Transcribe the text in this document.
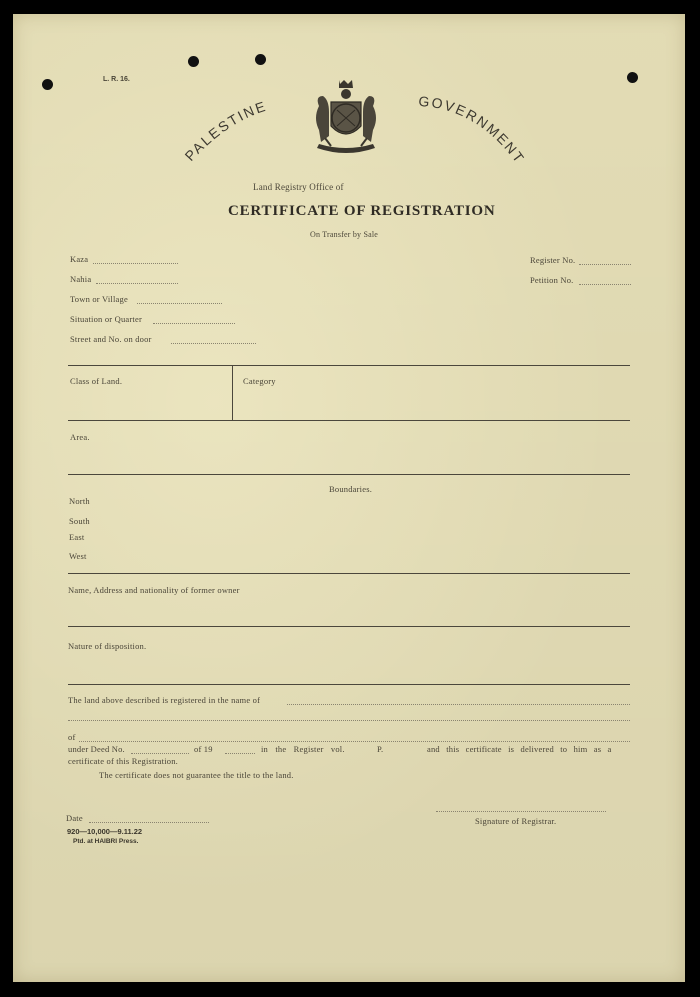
L. R. 16.
PALESTINE	GOVERNMENT
Land Registry Office of
CERTIFICATE OF REGISTRATION
On Transfer by Sale
Kaza
Nahia
Town or Village
Situation or Quarter
Street and No. on door
Register No.
Petition No.
Class of Land.	Category
Area.
Boundaries.
North
South
East
West
Name, Address and nationality of former owner
Nature of disposition.
The land above described is registered in the name of
of
under Deed No.	of 19	in the Register vol.	P.	and this certificate is delivered to him as a
certificate of this Registration.
The certificate does not guarantee the title to the land.
Date	Signature of Registrar.
920—10,000—9.11.22
Ptd. at HAIBRI Press.
